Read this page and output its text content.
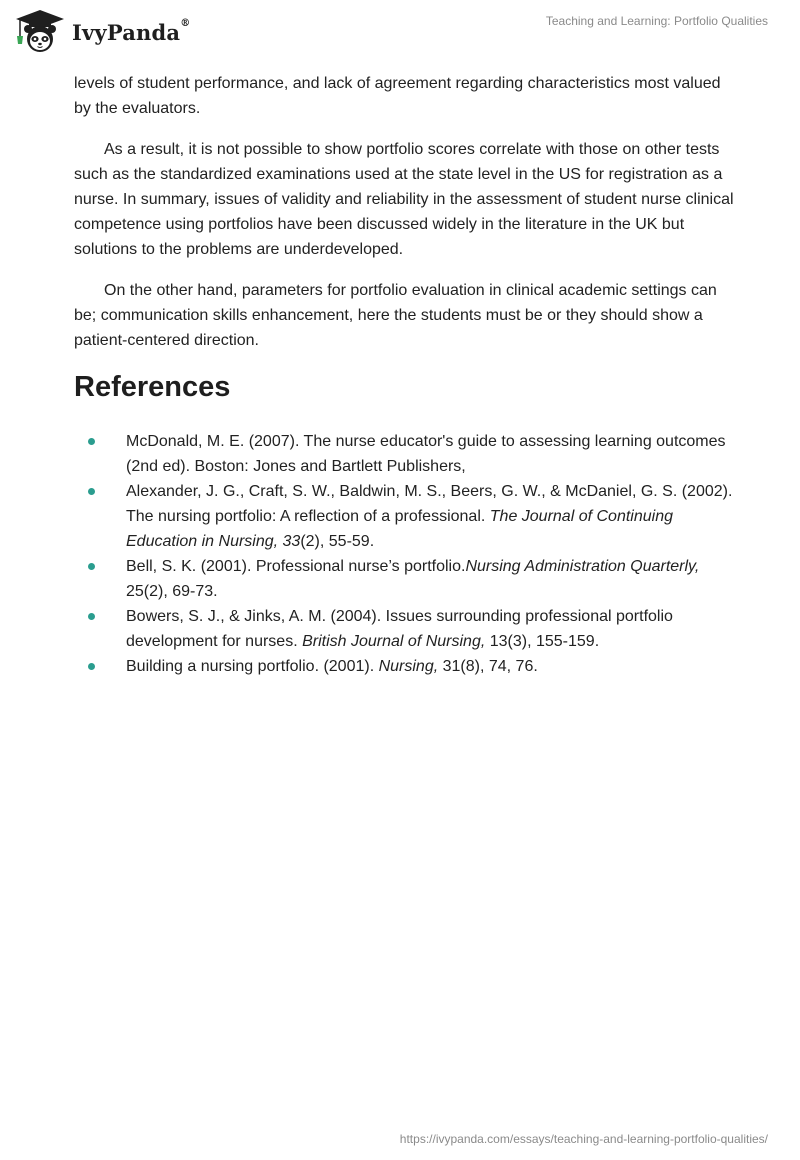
IvyPanda®	Teaching and Learning: Portfolio Qualities

levels of student performance, and lack of agreement regarding characteristics most valued by the evaluators.

As a result, it is not possible to show portfolio scores correlate with those on other tests such as the standardized examinations used at the state level in the US for registration as a nurse. In summary, issues of validity and reliability in the assessment of student nurse clinical competence using portfolios have been discussed widely in the literature in the UK but solutions to the problems are underdeveloped.

On the other hand, parameters for portfolio evaluation in clinical academic settings can be; communication skills enhancement, here the students must be or they should show a patient-centered direction.

References
McDonald, M. E. (2007). The nurse educator's guide to assessing learning outcomes (2nd ed). Boston: Jones and Bartlett Publishers,
Alexander, J. G., Craft, S. W., Baldwin, M. S., Beers, G. W., & McDaniel, G. S. (2002). The nursing portfolio: A reflection of a professional. The Journal of Continuing Education in Nursing, 33(2), 55-59.
Bell, S. K. (2001). Professional nurse’s portfolio.Nursing Administration Quarterly, 25(2), 69-73.
Bowers, S. J., & Jinks, A. M. (2004). Issues surrounding professional portfolio development for nurses. British Journal of Nursing, 13(3), 155-159.
Building a nursing portfolio. (2001). Nursing, 31(8), 74, 76.
https://ivypanda.com/essays/teaching-and-learning-portfolio-qualities/
